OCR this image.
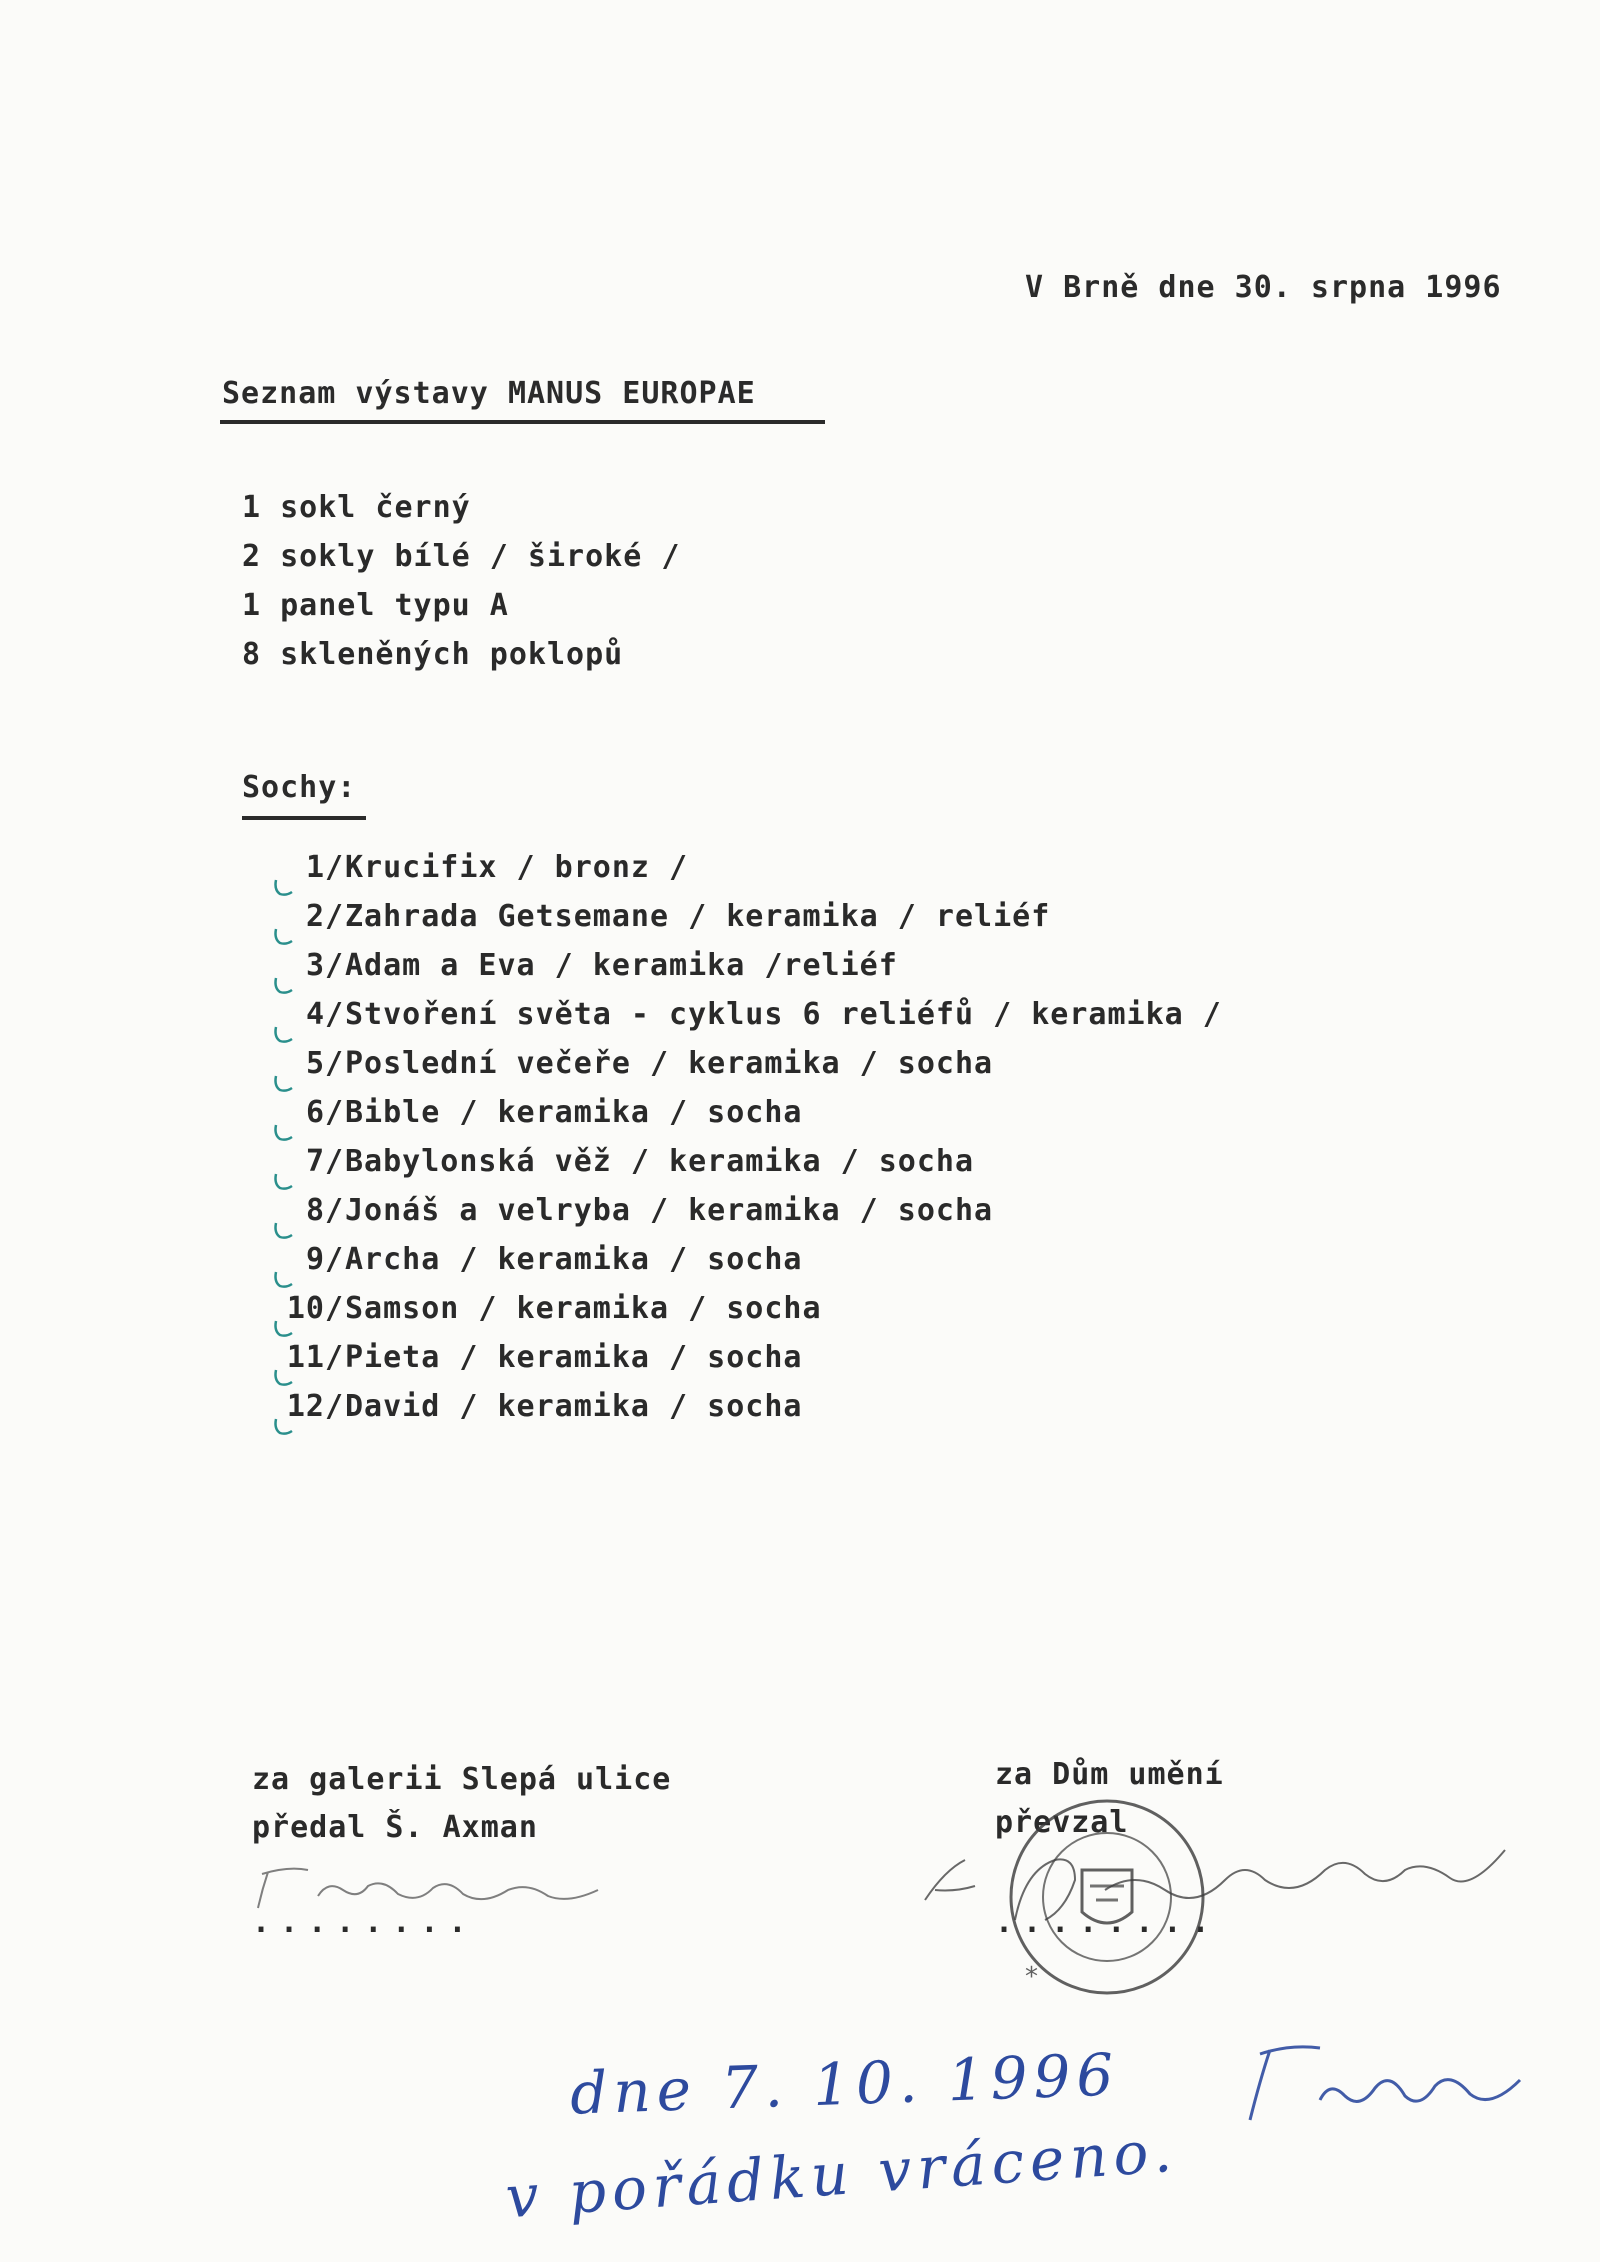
V Brně dne 30. srpna 1996
Seznam výstavy MANUS EUROPAE
1 sokl černý
2 sokly bílé / široké /
1 panel typu A
8 skleněných poklopů
Sochy:
1/Krucifix / bronz /
2/Zahrada Getsemane / keramika / reliéf
3/Adam a Eva / keramika /reliéf
4/Stvoření světa - cyklus 6 reliéfů / keramika /
5/Poslední večeře / keramika / socha
6/Bible / keramika / socha
7/Babylonská věž / keramika / socha
8/Jonáš a velryba / keramika / socha
9/Archa / keramika / socha
10/Samson / keramika / socha
11/Pieta / keramika / socha
12/David / keramika / socha
za galerii Slepá ulice
předal Š. Axman
........
za Dům umění
převzal
........
*
dne 7. 10. 1996
v pořádku vráceno.
